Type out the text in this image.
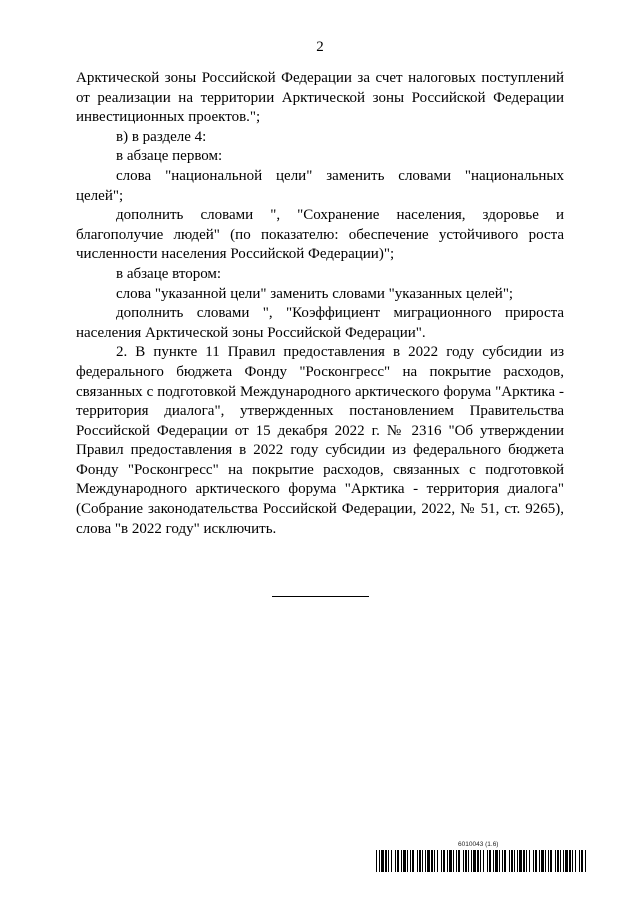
2

Арктической зоны Российской Федерации за счет налоговых поступлений от реализации на территории Арктической зоны Российской Федерации инвестиционных проектов.";

в) в разделе 4:

в абзаце первом:

слова "национальной цели" заменить словами "национальных целей";

дополнить словами ", "Сохранение населения, здоровье и благополучие людей" (по показателю: обеспечение устойчивого роста численности населения Российской Федерации)";

в абзаце втором:

слова "указанной цели" заменить словами "указанных целей";

дополнить словами ", "Коэффициент миграционного прироста населения Арктической зоны Российской Федерации".

2. В пункте 11 Правил предоставления в 2022 году субсидии из федерального бюджета Фонду "Росконгресс" на покрытие расходов, связанных с подготовкой Международного арктического форума "Арктика - территория диалога", утвержденных постановлением Правительства Российской Федерации от 15 декабря 2022 г. № 2316 "Об утверждении Правил предоставления в 2022 году субсидии из федерального бюджета Фонду "Росконгресс" на покрытие расходов, связанных с подготовкой Международного арктического форума "Арктика - территория диалога" (Собрание законодательства Российской Федерации, 2022, № 51, ст. 9265), слова "в 2022 году" исключить.

6010043 (1.6)
